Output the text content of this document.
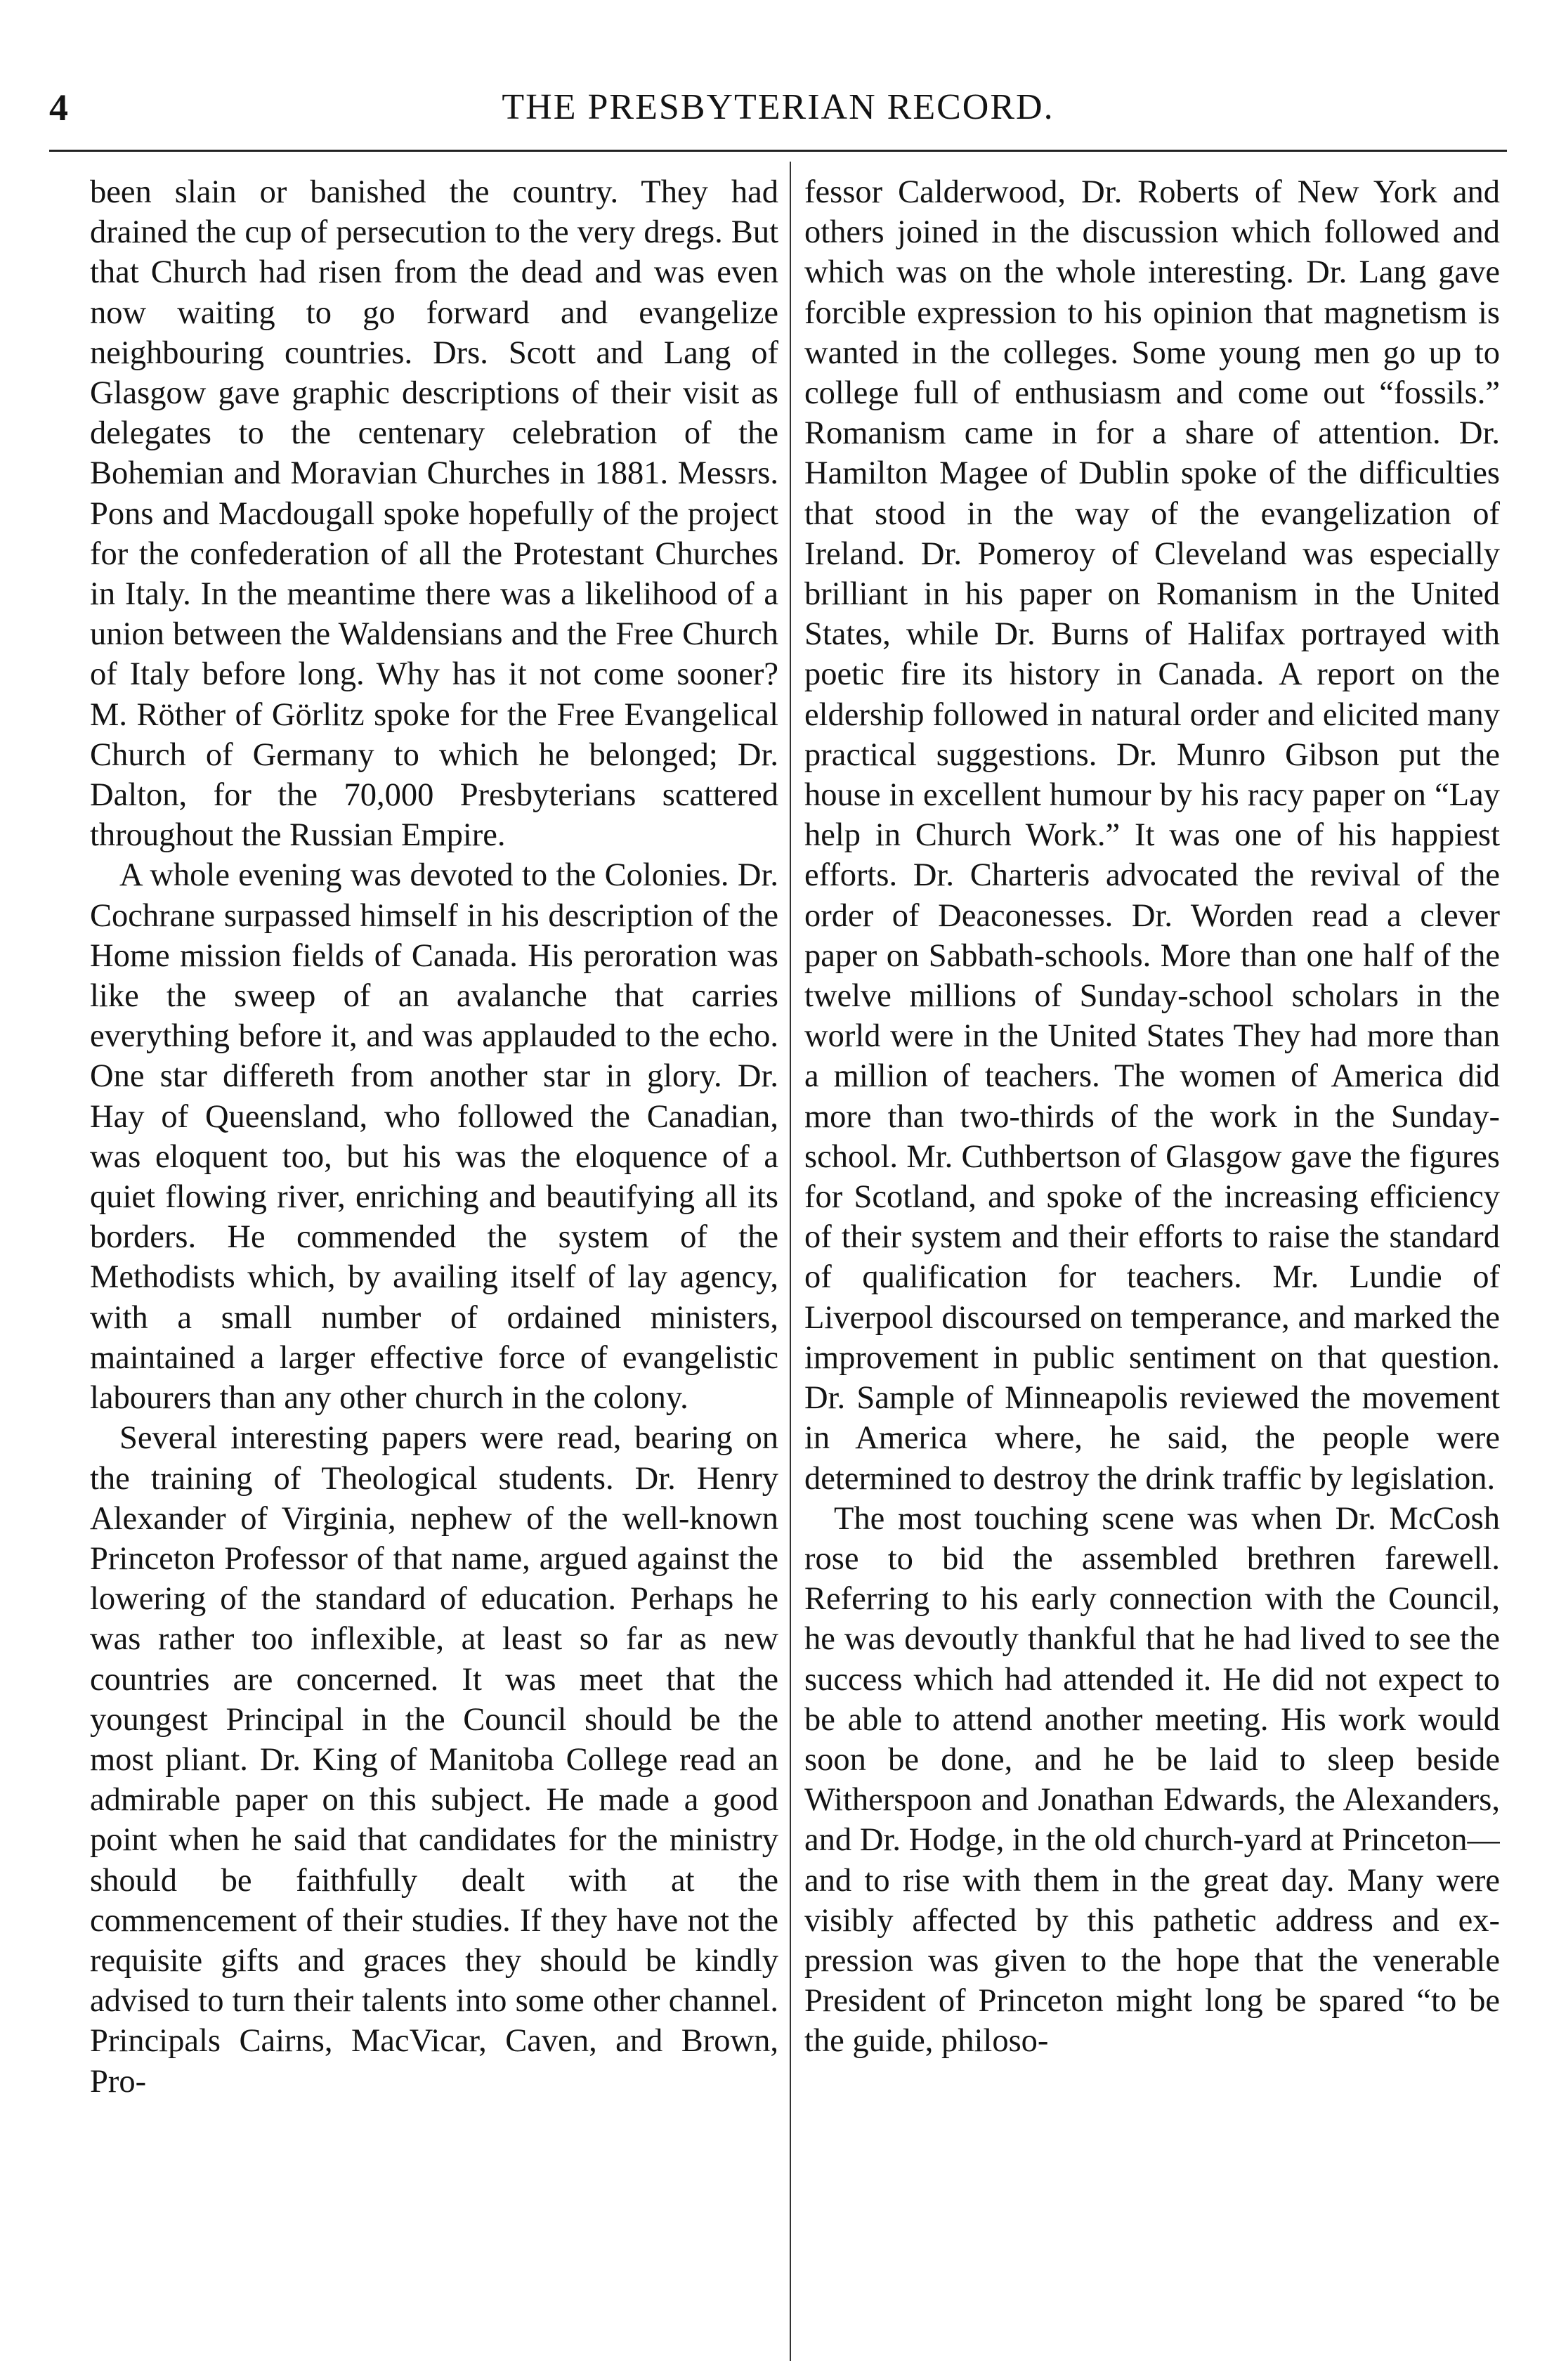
4	THE PRESBYTERIAN RECORD.

been slain or banished the country. They had drained the cup of persecution to the very dregs. But that Church had risen from the dead and was even now waiting to go forward and evangelize neighbouring countries. Drs. Scott and Lang of Glasgow gave graphic descriptions of their visit as delegates to the centenary celebration of the Bohemian and Moravian Churches in 1881. Messrs. Pons and Macdougall spoke hopefully of the project for the confederation of all the Protestant Churches in Italy. In the meantime there was a likelihood of a union between the Waldensians and the Free Church of Italy before long. Why has it not come sooner? M. Röther of Görlitz spoke for the Free Evangelical Church of Germany to which he belonged; Dr. Dalton, for the 70,000 Presbyterians scattered throughout the Russian Empire.

A whole evening was devoted to the Colonies. Dr. Cochrane surpassed himself in his description of the Home mission fields of Canada. His peroration was like the sweep of an avalanche that carries everything before it, and was applauded to the echo. One star differeth from another star in glory. Dr. Hay of Queensland, who followed the Canadian, was eloquent too, but his was the eloquence of a quiet flowing river, enriching and beautifying all its borders. He commended the system of the Methodists which, by availing itself of lay agency, with a small number of ordained ministers, maintained a larger effective force of evangelistic labourers than any other church in the colony.

Several interesting papers were read, bearing on the training of Theological students. Dr. Henry Alexander of Virginia, nephew of the well-known Princeton Professor of that name, argued against the lowering of the standard of education. Perhaps he was rather too inflexible, at least so far as new countries are concerned. It was meet that the youngest Principal in the Council should be the most pliant. Dr. King of Manitoba College read an admirable paper on this subject. He made a good point when he said that candidates for the ministry should be faithfully dealt with at the commencement of their studies. If they have not the requisite gifts and graces they should be kindly advised to turn their talents into some other channel. Principals Cairns, MacVicar, Caven, and Brown, Pro-

fessor Calderwood, Dr. Roberts of New York and others joined in the discussion which followed and which was on the whole interesting. Dr. Lang gave forcible expression to his opinion that magnetism is wanted in the colleges. Some young men go up to college full of enthusiasm and come out “fossils.” Romanism came in for a share of attention. Dr. Hamilton Magee of Dublin spoke of the difficulties that stood in the way of the evangelization of Ireland. Dr. Pomeroy of Cleveland was especially brilliant in his paper on Romanism in the United States, while Dr. Burns of Halifax portrayed with poetic fire its history in Canada. A report on the eldership followed in natural order and elicited many practical suggestions. Dr. Munro Gibson put the house in excellent humour by his racy paper on “Lay help in Church Work.” It was one of his happiest efforts. Dr. Charteris advocated the revival of the order of Deaconesses. Dr. Worden read a clever paper on Sabbath-schools. More than one half of the twelve millions of Sunday-school scholars in the world were in the United States They had more than a million of teachers. The women of America did more than two-thirds of the work in the Sunday-school. Mr. Cuthbertson of Glasgow gave the figures for Scotland, and spoke of the increasing efficiency of their system and their efforts to raise the standard of qualification for teachers. Mr. Lundie of Liverpool discoursed on temperance, and marked the improvement in public sentiment on that question. Dr. Sample of Minneapolis reviewed the movement in America where, he said, the people were determined to destroy the drink traffic by legislation.

The most touching scene was when Dr. McCosh rose to bid the assembled brethren farewell. Referring to his early connection with the Council, he was devoutly thankful that he had lived to see the success which had attended it. He did not expect to be able to attend another meeting. His work would soon be done, and he be laid to sleep beside Witherspoon and Jonathan Edwards, the Alexanders, and Dr. Hodge, in the old church-yard at Princeton—and to rise with them in the great day. Many were visibly affected by this pathetic address and expression was given to the hope that the venerable President of Princeton might long be spared “to be the guide, philoso-
